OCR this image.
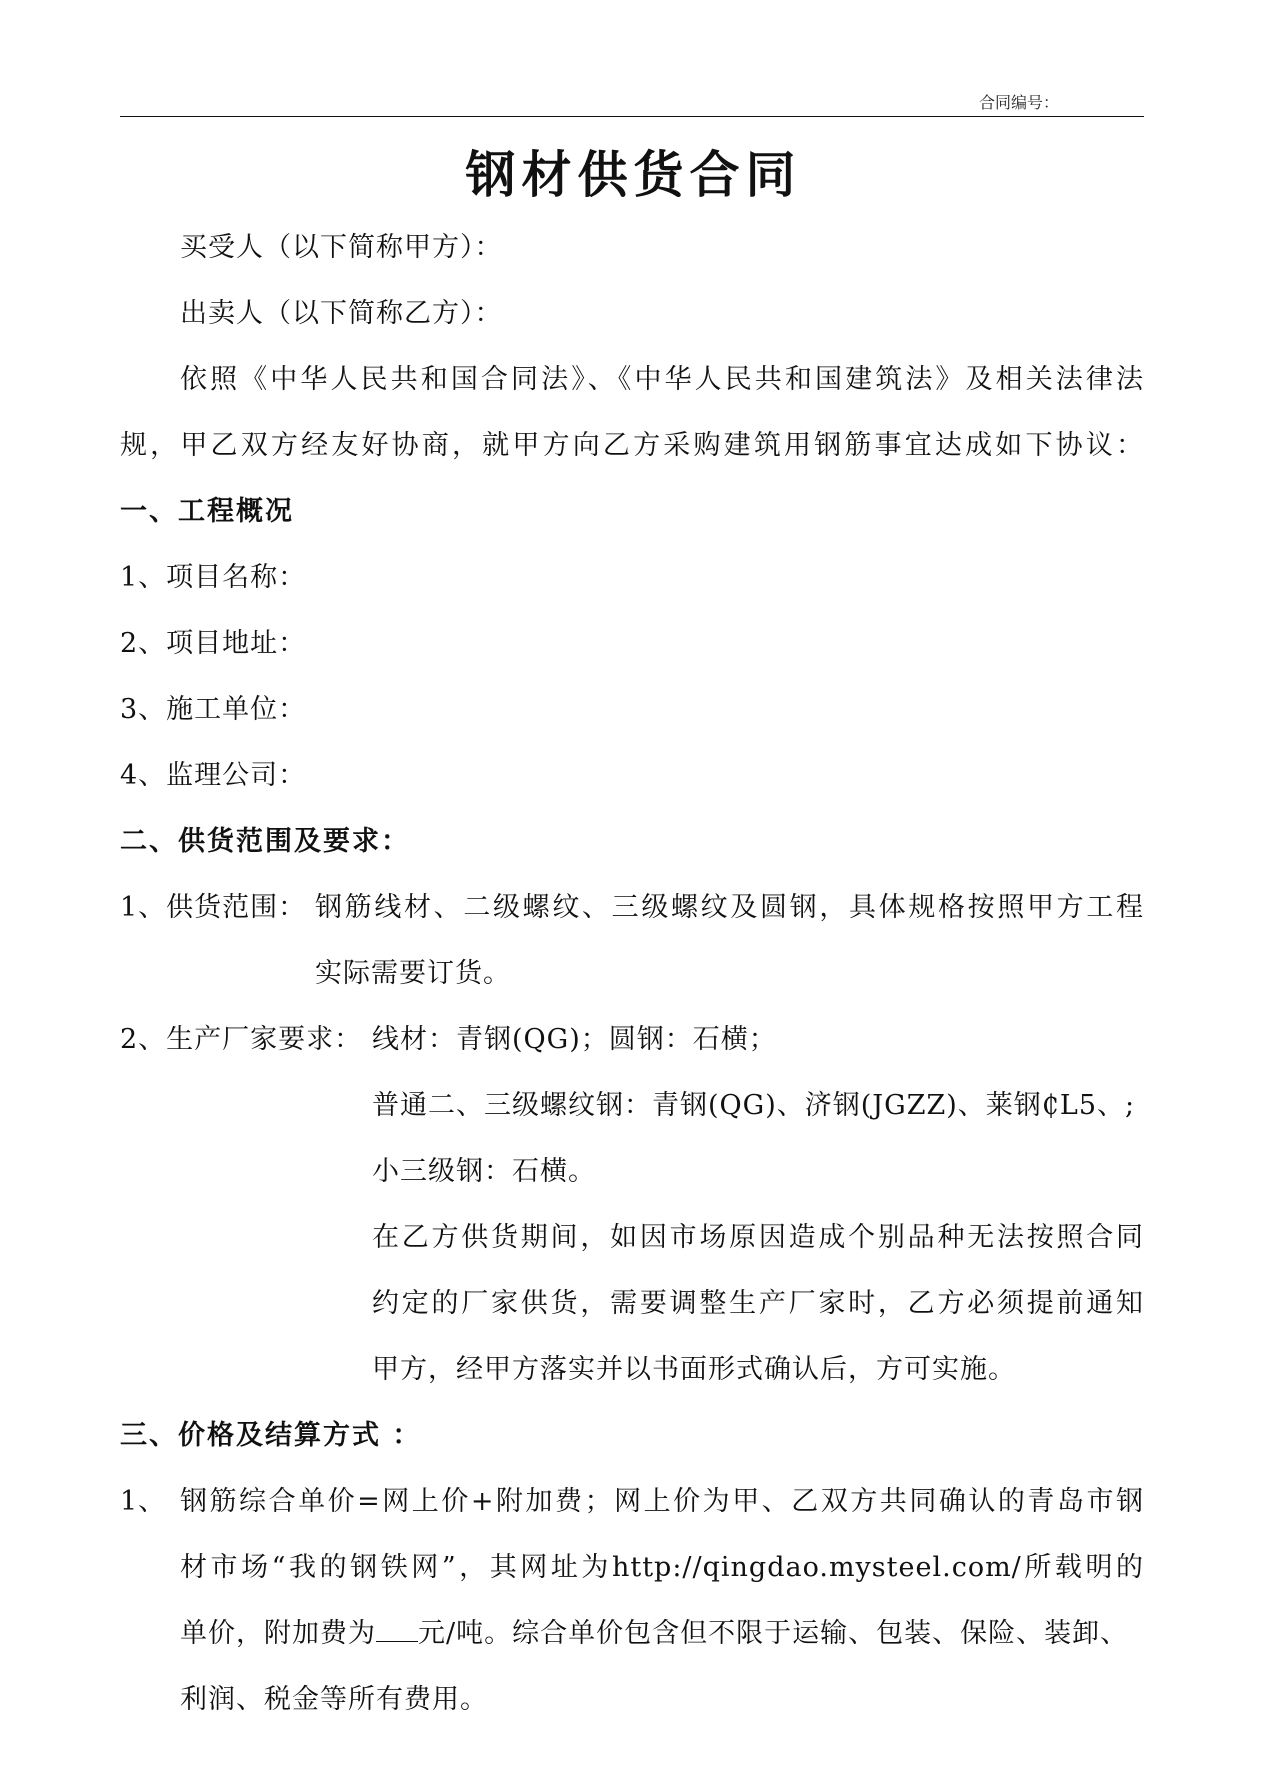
合同编号：
钢材供货合同
买受人（以下简称甲方）：
出卖人（以下简称乙方）：
依照《中华人民共和国合同法》、《中华人民共和国建筑法》及相关法律法
规，甲乙双方经友好协商，就甲方向乙方采购建筑用钢筋事宜达成如下协议：
一、工程概况
1、项目名称：
2、项目地址：
3、施工单位：
4、监理公司：
二、供货范围及要求：
1、供货范围： 钢筋线材、二级螺纹、三级螺纹及圆钢，具体规格按照甲方工程
实际需要订货。
2、生产厂家要求： 线材：青钢(QG)；圆钢：石横；
普通二、三级螺纹钢：青钢(QG)、济钢(JGZZ)、莱钢₵L5、;
小三级钢：石横。
在乙方供货期间，如因市场原因造成个别品种无法按照合同
约定的厂家供货，需要调整生产厂家时，乙方必须提前通知
甲方，经甲方落实并以书面形式确认后，方可实施。
三、价格及结算方式 ：
1、 钢筋综合单价=网上价+附加费；网上价为甲、乙双方共同确认的青岛市钢
材市场“我的钢铁网”，其网址为http://qingdao.mysteel.com/所载明的
单价，附加费为 元/吨。综合单价包含但不限于运输、包装、保险、装卸、
利润、税金等所有费用。
